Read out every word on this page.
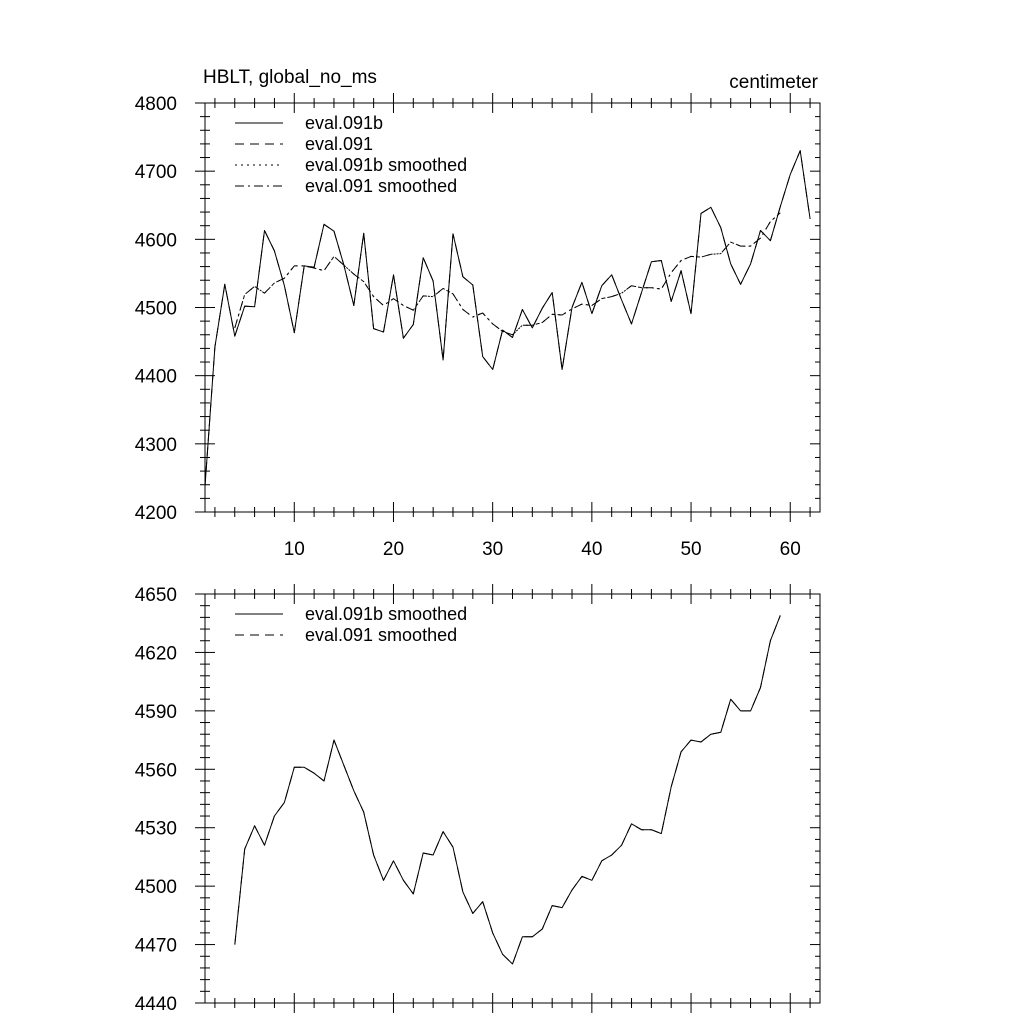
4200
4300
4400
4500
4600
4700
4800
10	20	30	40	50	60
HBLT, global_no_ms	centimeter
eval.091b
eval.091
eval.091b smoothed
eval.091 smoothed
4440
4470
4500
4530
4560
4590
4620
4650
eval.091b smoothed
eval.091 smoothed
